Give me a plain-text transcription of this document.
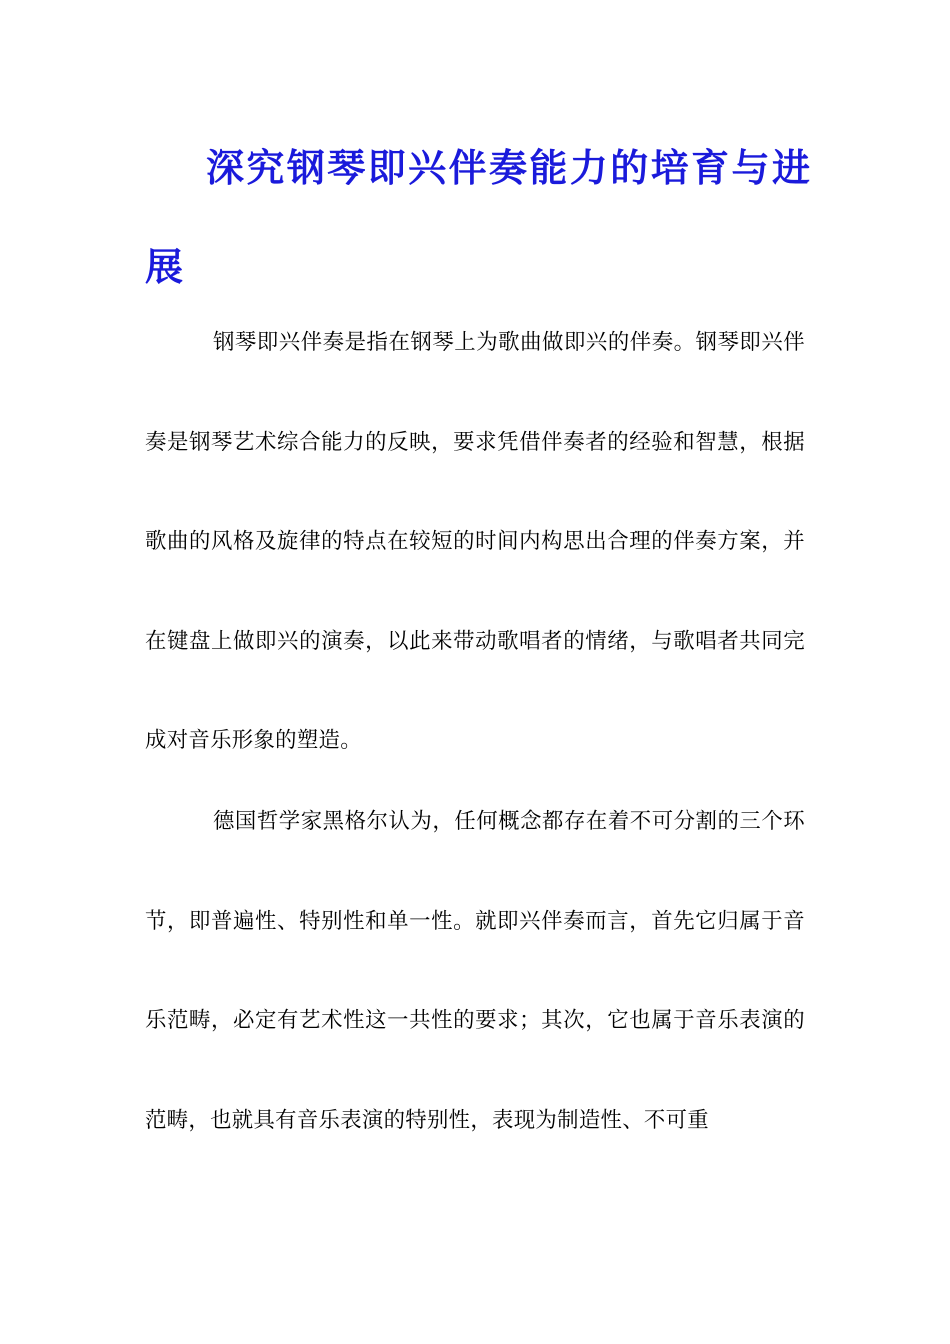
深究钢琴即兴伴奏能力的培育与进展

钢琴即兴伴奏是指在钢琴上为歌曲做即兴的伴奏。钢琴即兴伴奏是钢琴艺术综合能力的反映，要求凭借伴奏者的经验和智慧，根据歌曲的风格及旋律的特点在较短的时间内构思出合理的伴奏方案，并在键盘上做即兴的演奏，以此来带动歌唱者的情绪，与歌唱者共同完成对音乐形象的塑造。

德国哲学家黑格尔认为，任何概念都存在着不可分割的三个环节，即普遍性、特别性和单一性。就即兴伴奏而言，首先它归属于音乐范畴，必定有艺术性这一共性的要求；其次，它也属于音乐表演的范畴，也就具有音乐表演的特别性，表现为制造性、不可重
